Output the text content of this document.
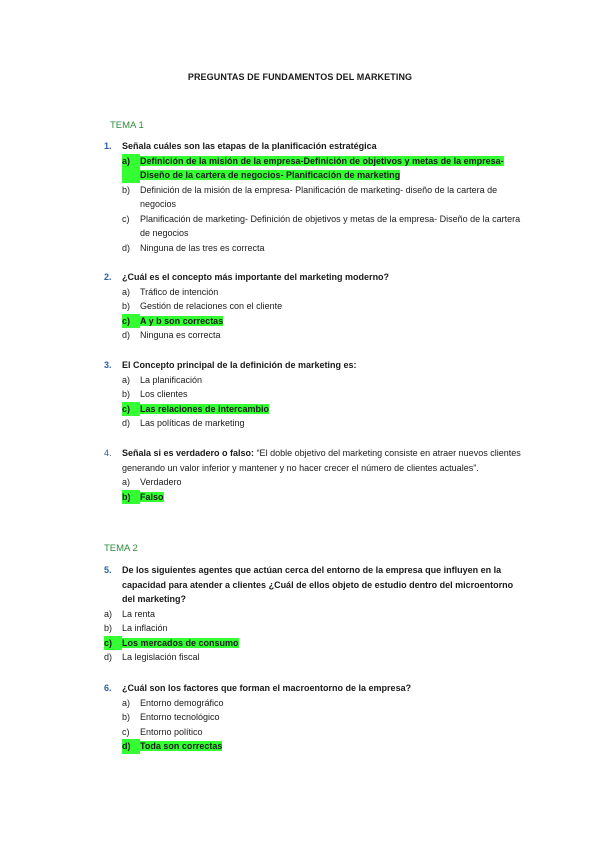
PREGUNTAS DE FUNDAMENTOS DEL MARKETING
TEMA 1
1.	Señala cuáles son las etapas de la planificación estratégica
a)	Definición de la misión de la empresa-Definición de objetivos y metas de la empresa- Diseño de la cartera de negocios- Planificación de marketing
b)	Definición de la misión de la empresa- Planificación de marketing- diseño de la cartera de negocios
c)	Planificación de marketing- Definición de objetivos y metas de la empresa- Diseño de la cartera de negocios
d)	Ninguna de las tres es correcta
2.	¿Cuál es el concepto más importante del marketing moderno?
a)	Tráfico de intención
b)	Gestión de relaciones con el cliente
c)	A y b son correctas
d)	Ninguna es correcta
3.	El Concepto principal de la definición de marketing es:
a)	La planificación
b)	Los clientes
c)	Las relaciones de intercambio
d)	Las políticas de marketing
4.	Señala si es verdadero o falso: “El doble objetivo del marketing consiste en atraer nuevos clientes generando un valor inferior y mantener y no hacer crecer el número de clientes actuales”.
a)	Verdadero
b)	Falso
TEMA 2
5.	De los siguientes agentes que actúan cerca del entorno de la empresa que influyen en la capacidad para atender a clientes ¿Cuál de ellos objeto de estudio dentro del microentorno del marketing?
a)	La renta
b)	La inflación
c)	Los mercados de consumo
d)	La legislación fiscal
6.	¿Cuál son los factores que forman el macroentorno de la empresa?
a)	Entorno demográfico
b)	Entorno tecnológico
c)	Entorno político
d)	Toda son correctas
